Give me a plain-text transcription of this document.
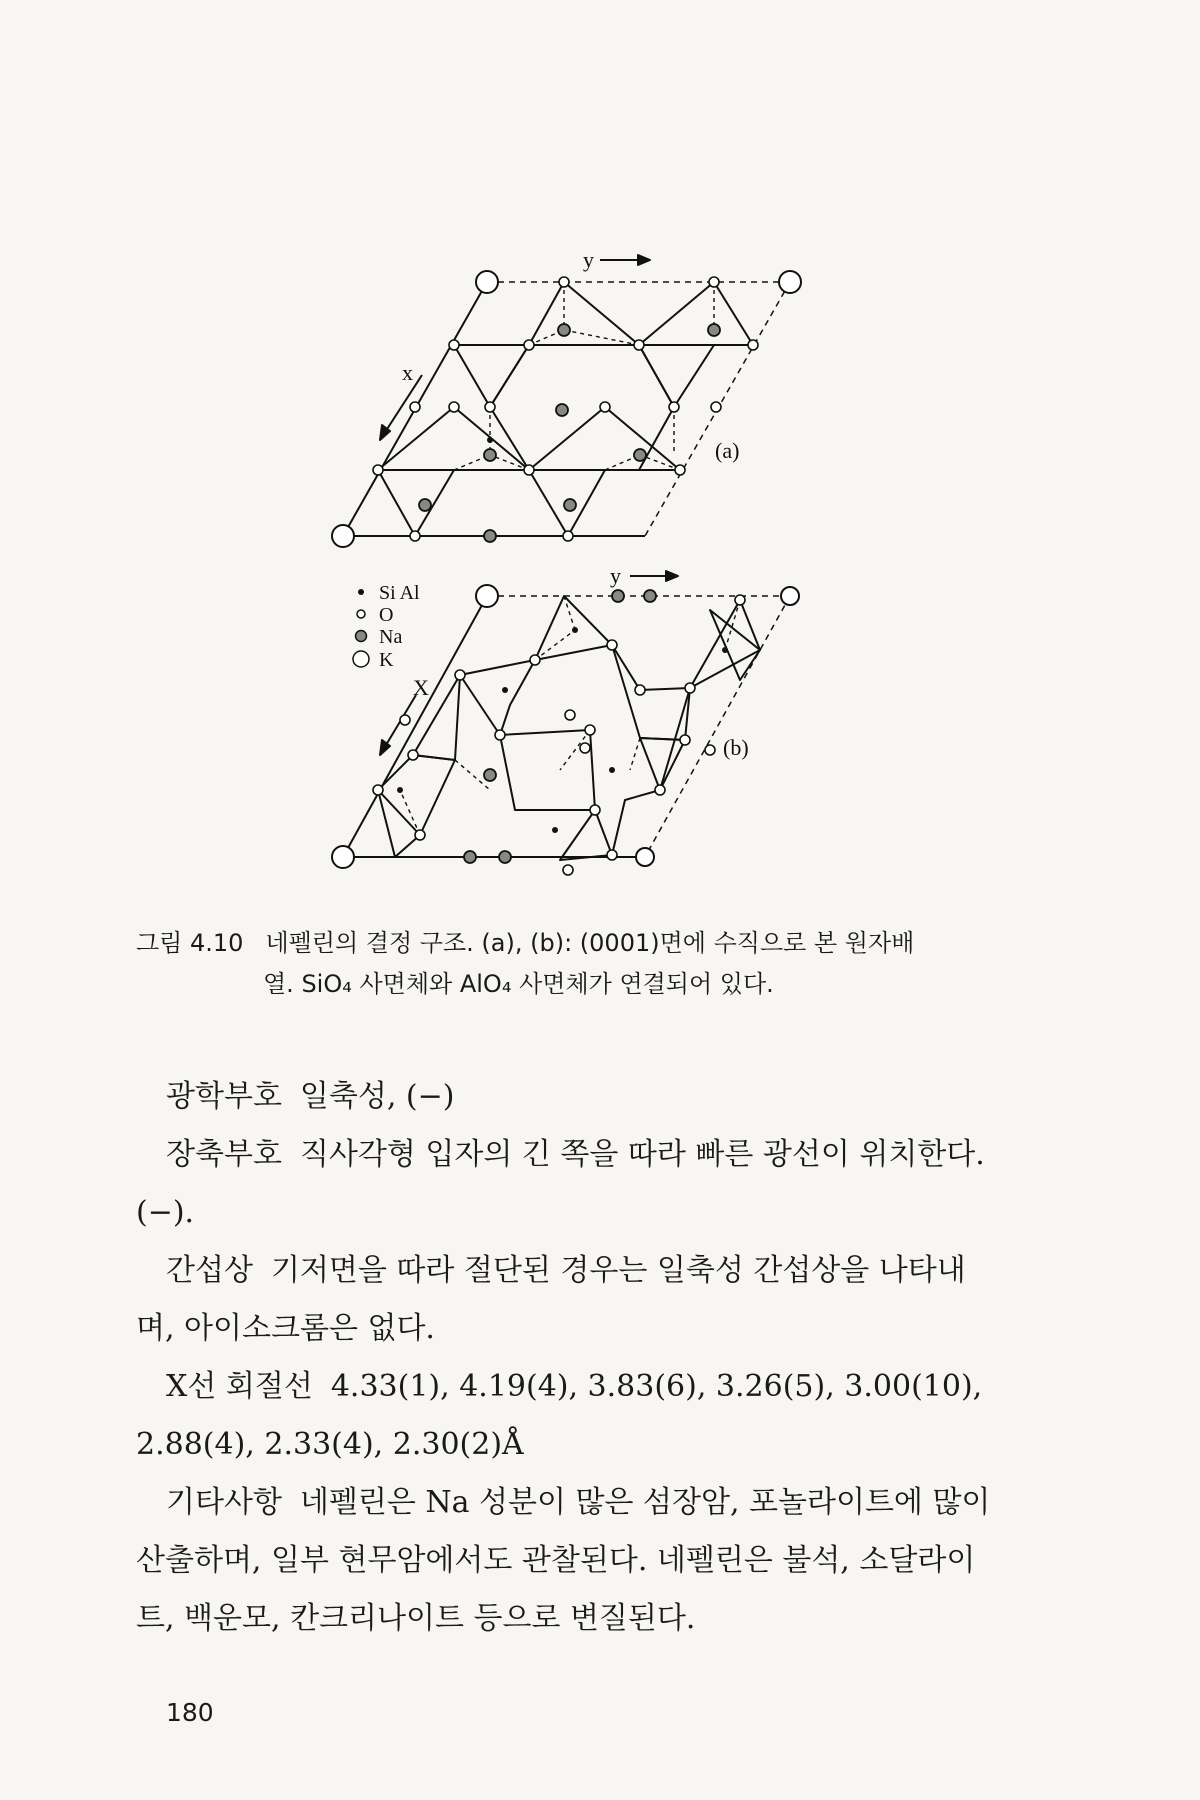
y
x
(a)
y
X
(b)
Si Al
O
Na
K
그림 4.10 네펠린의 결정 구조. (a), (b): (0001)면에 수직으로 본 원자배
열. SiO₄ 사면체와 AlO₄ 사면체가 연결되어 있다.

광학부호 일축성, (−)

장축부호 직사각형 입자의 긴 쪽을 따라 빠른 광선이 위치한다.

(−).

간섭상 기저면을 따라 절단된 경우는 일축성 간섭상을 나타내

며, 아이소크롬은 없다.

X선 회절선 4.33(1), 4.19(4), 3.83(6), 3.26(5), 3.00(10),

2.88(4), 2.33(4), 2.30(2)Å

기타사항 네펠린은 Na 성분이 많은 섬장암, 포놀라이트에 많이

산출하며, 일부 현무암에서도 관찰된다. 네펠린은 불석, 소달라이

트, 백운모, 칸크리나이트 등으로 변질된다.

180
